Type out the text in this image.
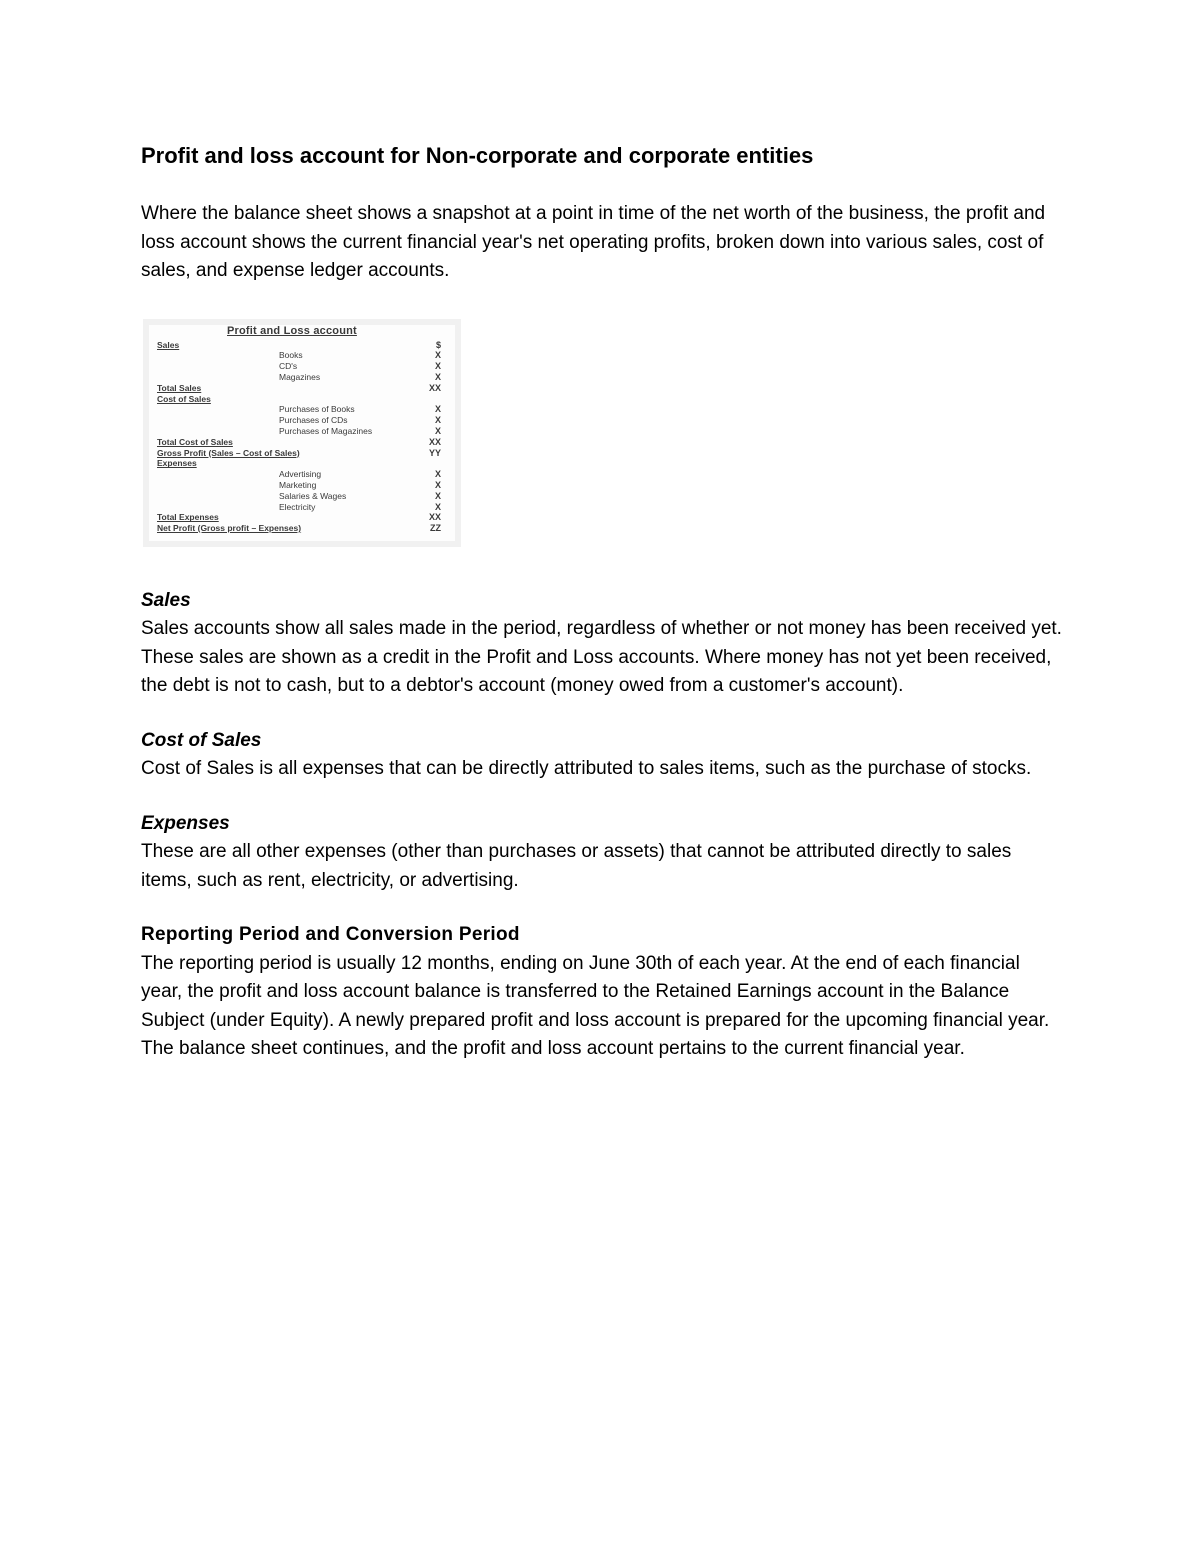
Profit and loss account for Non-corporate and corporate entities

Where the balance sheet shows a snapshot at a point in time of the net worth of the business, the profit and loss account shows the current financial year's net operating profits, broken down into various sales, cost of sales, and expense ledger accounts.

Profit and Loss account
Sales	$
Books	X
CD's	X
Magazines	X
Total Sales	XX
Cost of Sales
Purchases of Books	X
Purchases of CDs	X
Purchases of Magazines	X
Total Cost of Sales	XX
Gross Profit (Sales – Cost of Sales)	YY
Expenses
Advertising	X
Marketing	X
Salaries & Wages	X
Electricity	X
Total Expenses	XX
Net Profit (Gross profit – Expenses)	ZZ

Sales

Sales accounts show all sales made in the period, regardless of whether or not money has been received yet. These sales are shown as a credit in the Profit and Loss accounts. Where money has not yet been received, the debt is not to cash, but to a debtor's account (money owed from a customer's account).

Cost of Sales

Cost of Sales is all expenses that can be directly attributed to sales items, such as the purchase of stocks.

Expenses

These are all other expenses (other than purchases or assets) that cannot be attributed directly to sales items, such as rent, electricity, or advertising.

Reporting Period and Conversion Period

The reporting period is usually 12 months, ending on June 30th of each year. At the end of each financial year, the profit and loss account balance is transferred to the Retained Earnings account in the Balance Subject (under Equity). A newly prepared profit and loss account is prepared for the upcoming financial year. The balance sheet continues, and the profit and loss account pertains to the current financial year.
